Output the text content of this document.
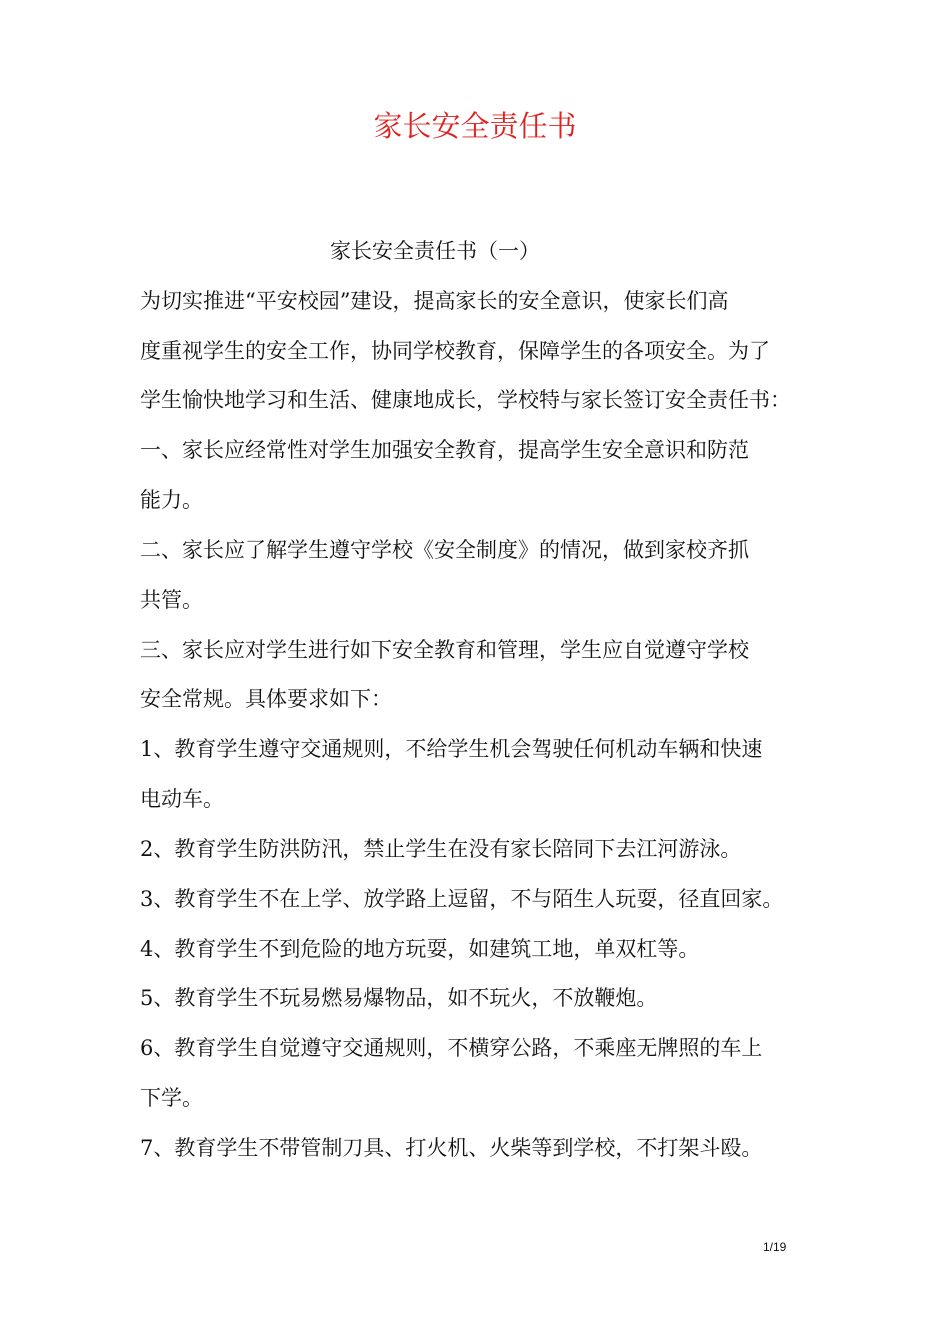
家长安全责任书
家长安全责任书（一）
为切实推进“平安校园”建设，提高家长的安全意识，使家长们高
度重视学生的安全工作，协同学校教育，保障学生的各项安全。为了
学生愉快地学习和生活、健康地成长，学校特与家长签订安全责任书：
一、家长应经常性对学生加强安全教育，提高学生安全意识和防范
能力。
二、家长应了解学生遵守学校《安全制度》的情况，做到家校齐抓
共管。
三、家长应对学生进行如下安全教育和管理，学生应自觉遵守学校
安全常规。具体要求如下：
1、教育学生遵守交通规则，不给学生机会驾驶任何机动车辆和快速
电动车。
2、教育学生防洪防汛，禁止学生在没有家长陪同下去江河游泳。
3、教育学生不在上学、放学路上逗留，不与陌生人玩耍，径直回家。
4、教育学生不到危险的地方玩耍，如建筑工地，单双杠等。
5、教育学生不玩易燃易爆物品，如不玩火，不放鞭炮。
6、教育学生自觉遵守交通规则，不横穿公路，不乘座无牌照的车上
下学。
7、教育学生不带管制刀具、打火机、火柴等到学校，不打架斗殴。
1/19
